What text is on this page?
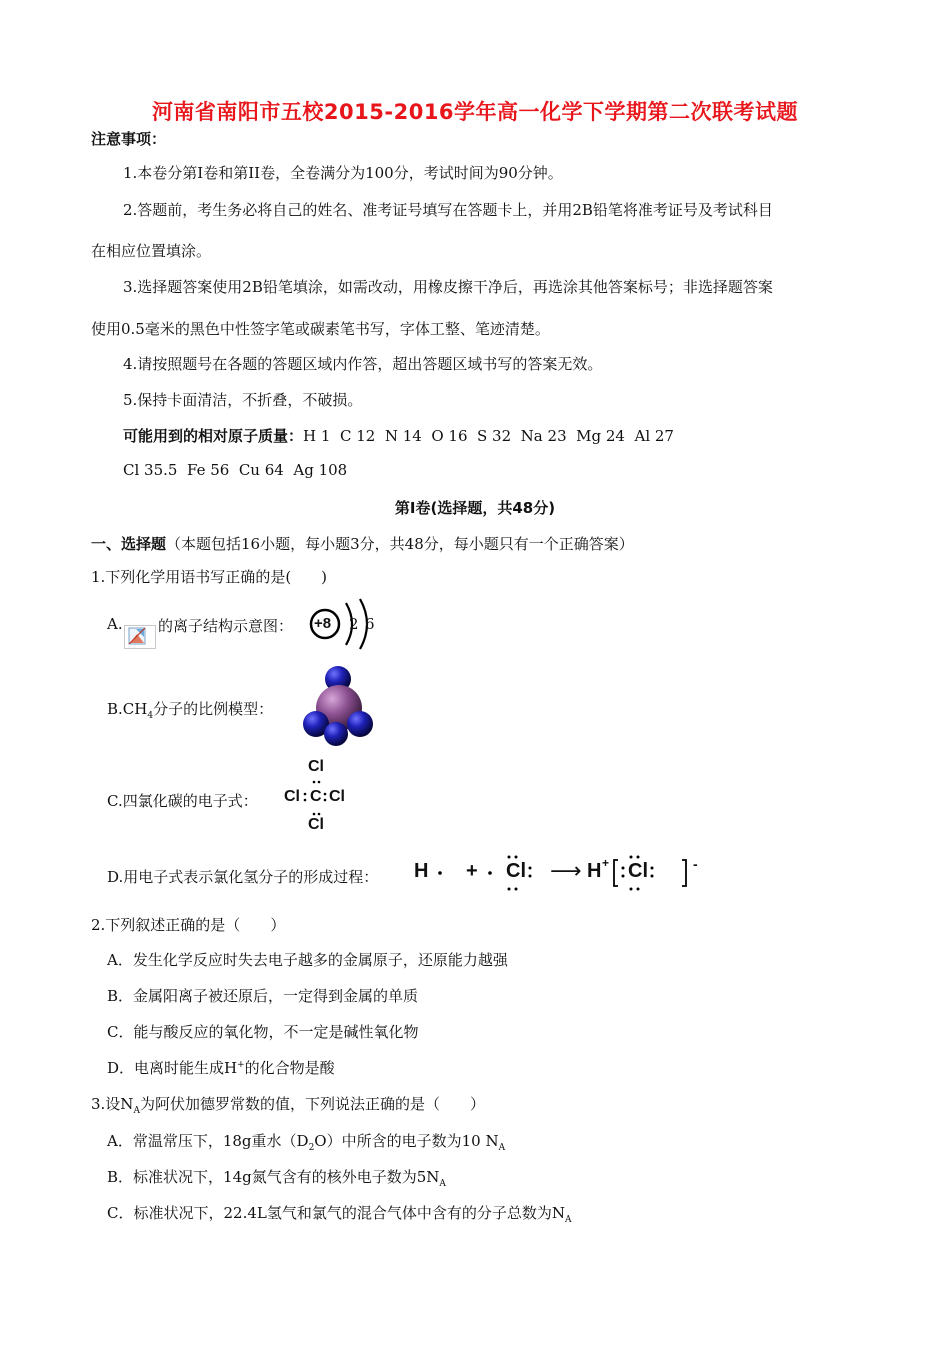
河南省南阳市五校2015-2016学年高一化学下学期第二次联考试题
注意事项：
1.本卷分第I卷和第II卷，全卷满分为100分，考试时间为90分钟。
2.答题前，考生务必将自己的姓名、准考证号填写在答题卡上，并用2B铅笔将准考证号及考试科目
在相应位置填涂。
3.选择题答案使用2B铅笔填涂，如需改动，用橡皮擦干净后，再选涂其他答案标号；非选择题答案
使用0.5毫米的黑色中性签字笔或碳素笔书写，字体工整、笔迹清楚。
4.请按照题号在各题的答题区域内作答，超出答题区域书写的答案无效。
5.保持卡面清洁，不折叠，不破损。
可能用到的相对原子质量：H 1  C 12  N 14  O 16  S 32  Na 23  Mg 24  Al 27
Cl 35.5  Fe 56  Cu 64  Ag 108
第I卷(选择题，共48分)
一、选择题（本题包括16小题，每小题3分，共48分，每小题只有一个正确答案）
1.下列化学用语书写正确的是(　　)
A. 的离子结构示意图： +8 2 6
$B.CH_4$分子的比例模型：
C.四氯化碳的电子式：
Cl
Cl C Cl
Cl
D.用电子式表示氯化氢分子的形成过程： H + Cl ⟶ H + Cl	-
2.下列叙述正确的是（　　）
A．发生化学反应时失去电子越多的金属原子，还原能力越强
B．金属阳离子被还原后，一定得到金属的单质
C．能与酸反应的氧化物，不一定是碱性氧化物
D．电离时能生成H+的化合物是酸
3.设$N_A$为阿伏加德罗常数的值，下列说法正确的是（　　）
A．常温常压下，18g重水$(D_2O)$中所含的电子数为10 $N_A$
B．标准状况下，14g氮气含有的核外电子数为$5N_A$
C．标准状况下，22.4L氢气和氯气的混合气体中含有的分子总数为$N_A$
